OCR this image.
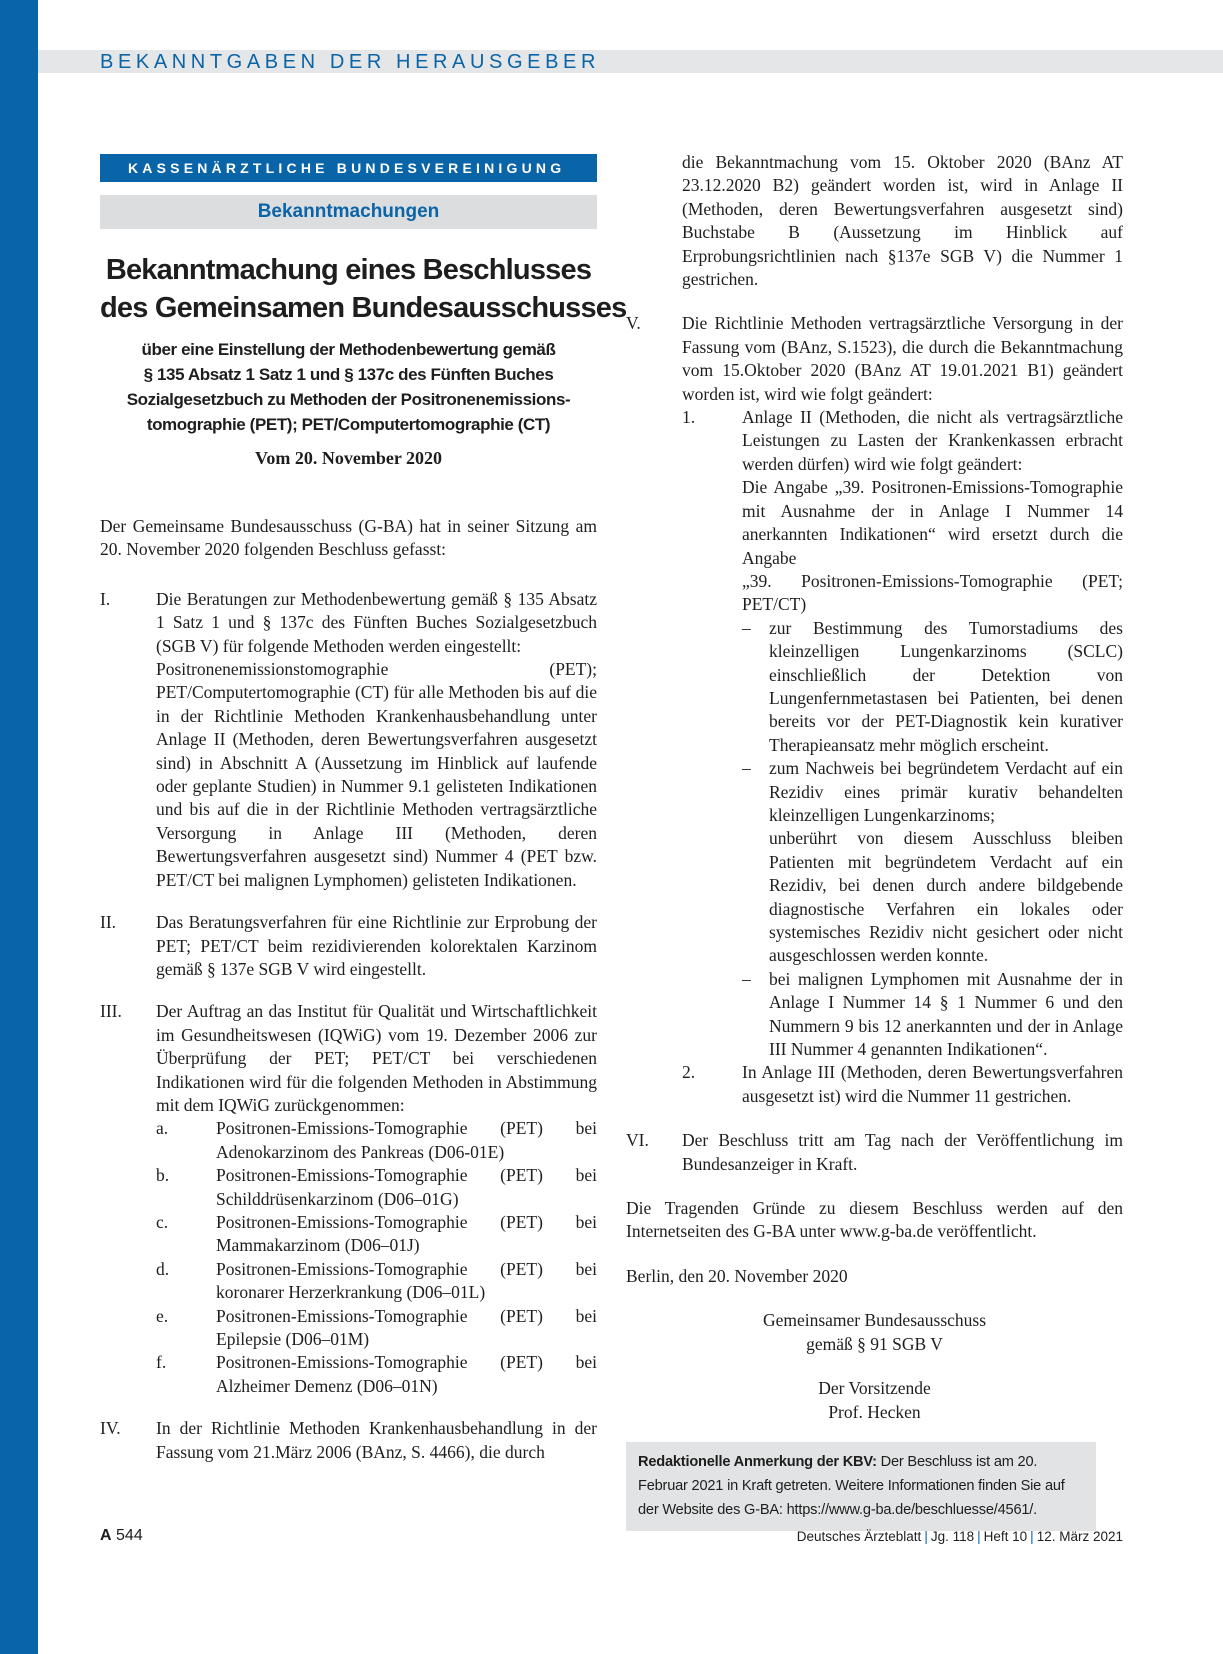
BEKANNTGABEN DER HERAUSGEBER
KASSENÄRZTLICHE BUNDESVEREINIGUNG
Bekanntmachungen
Bekanntmachung eines Beschlusses
des Gemeinsamen Bundesausschusses
über eine Einstellung der Methodenbewertung gemäß
§ 135 Absatz 1 Satz 1 und § 137c des Fünften Buches
Sozialgesetzbuch zu Methoden der Positronenemissions-
tomographie (PET); PET/Computertomographie (CT)
Vom 20. November 2020

Der Gemeinsame Bundesausschuss (G-BA) hat in seiner Sitzung am 20. November 2020 folgenden Beschluss gefasst:

I.	Die Beratungen zur Methodenbewertung gemäß § 135 Absatz 1 Satz 1 und § 137c des Fünften Buches Sozialgesetzbuch (SGB V) für folgende Methoden werden eingestellt:

Positronenemissionstomographie (PET); PET/Computertomographie (CT) für alle Methoden bis auf die in der Richtlinie Methoden Krankenhausbehandlung unter Anlage II (Methoden, deren Bewertungsverfahren ausgesetzt sind) in Abschnitt A (Aussetzung im Hinblick auf laufende oder geplante Studien) in Nummer 9.1 gelisteten Indikationen und bis auf die in der Richtlinie Methoden vertragsärztliche Versorgung in Anlage III (Methoden, deren Bewertungsverfahren ausgesetzt sind) Nummer 4 (PET bzw. PET/CT bei malignen Lymphomen) gelisteten Indikationen.

II. Das Beratungsverfahren für eine Richtlinie zur Erprobung der PET; PET/CT beim rezidivierenden kolorektalen Karzinom gemäß § 137e SGB V wird eingestellt.

III. Der Auftrag an das Institut für Qualität und Wirtschaftlichkeit im Gesundheitswesen (IQWiG) vom 19. Dezember 2006 zur Überprüfung der PET; PET/CT bei verschiedenen Indikationen wird für die folgenden Methoden in Abstimmung mit dem IQWiG zurückgenommen:

a.	Positronen-Emissions-Tomographie (PET) bei Adenokarzinom des Pankreas (D06-01E)

b.	Positronen-Emissions-Tomographie (PET) bei Schilddrüsenkarzinom (D06–01G)

c.	Positronen-Emissions-Tomographie (PET) bei Mammakarzinom (D06–01J)

d.	Positronen-Emissions-Tomographie (PET) bei koronarer Herzerkrankung (D06–01L)

e.	Positronen-Emissions-Tomographie (PET) bei Epilepsie (D06–01M)

f.	Positronen-Emissions-Tomographie (PET) bei Alzheimer Demenz (D06–01N)

IV. In der Richtlinie Methoden Krankenhausbehandlung in der Fassung vom 21.März 2006 (BAnz, S. 4466), die durch

die Bekanntmachung vom 15. Oktober 2020 (BAnz AT 23.12.2020 B2) geändert worden ist, wird in Anlage II (Methoden, deren Bewertungsverfahren ausgesetzt sind) Buchstabe B (Aussetzung im Hinblick auf Erprobungsrichtlinien nach §137e SGB V) die Nummer 1 gestrichen.

V. Die Richtlinie Methoden vertragsärztliche Versorgung in der Fassung vom (BAnz, S.1523), die durch die Bekanntmachung vom 15.Oktober 2020 (BAnz AT 19.01.2021 B1) geändert worden ist, wird wie folgt geändert:

1.	Anlage II (Methoden, die nicht als vertragsärztliche Leistungen zu Lasten der Krankenkassen erbracht werden dürfen) wird wie folgt geändert:

Die Angabe „39. Positronen-Emissions-Tomographie mit Ausnahme der in Anlage I Nummer 14 anerkannten Indikationen“ wird ersetzt durch die Angabe

„39. Positronen-Emissions-Tomographie (PET; PET/CT)

– zur Bestimmung des Tumorstadiums des kleinzelligen Lungenkarzinoms (SCLC) einschließlich der Detektion von Lungenfernmetastasen bei Patienten, bei denen bereits vor der PET-Diagnostik kein kurativer Therapieansatz mehr möglich erscheint.

– zum Nachweis bei begründetem Verdacht auf ein Rezidiv eines primär kurativ behandelten kleinzelligen Lungenkarzinoms;

unberührt von diesem Ausschluss bleiben Patienten mit begründetem Verdacht auf ein Rezidiv, bei denen durch andere bildgebende diagnostische Verfahren ein lokales oder systemisches Rezidiv nicht gesichert oder nicht ausgeschlossen werden konnte.

– bei malignen Lymphomen mit Ausnahme der in Anlage I Nummer 14 § 1 Nummer 6 und den Nummern 9 bis 12 anerkannten und der in Anlage III Nummer 4 genannten Indikationen“.

2.	In Anlage III (Methoden, deren Bewertungsverfahren ausgesetzt ist) wird die Nummer 11 gestrichen.

VI. Der Beschluss tritt am Tag nach der Veröffentlichung im Bundesanzeiger in Kraft.

Die Tragenden Gründe zu diesem Beschluss werden auf den Internetseiten des G-BA unter www.g-ba.de veröffentlicht.

Berlin, den 20. November 2020

Gemeinsamer Bundesausschuss
gemäß § 91 SGB V
Der Vorsitzende
Prof. Hecken
Redaktionelle Anmerkung der KBV: Der Beschluss ist am 20. Februar 2021 in Kraft getreten. Weitere Informationen finden Sie auf der Website des G-BA: https://www.g-ba.de/beschluesse/4561/.
A 544	Deutsches Ärzteblatt | Jg. 118 | Heft 10 | 12. März 2021
